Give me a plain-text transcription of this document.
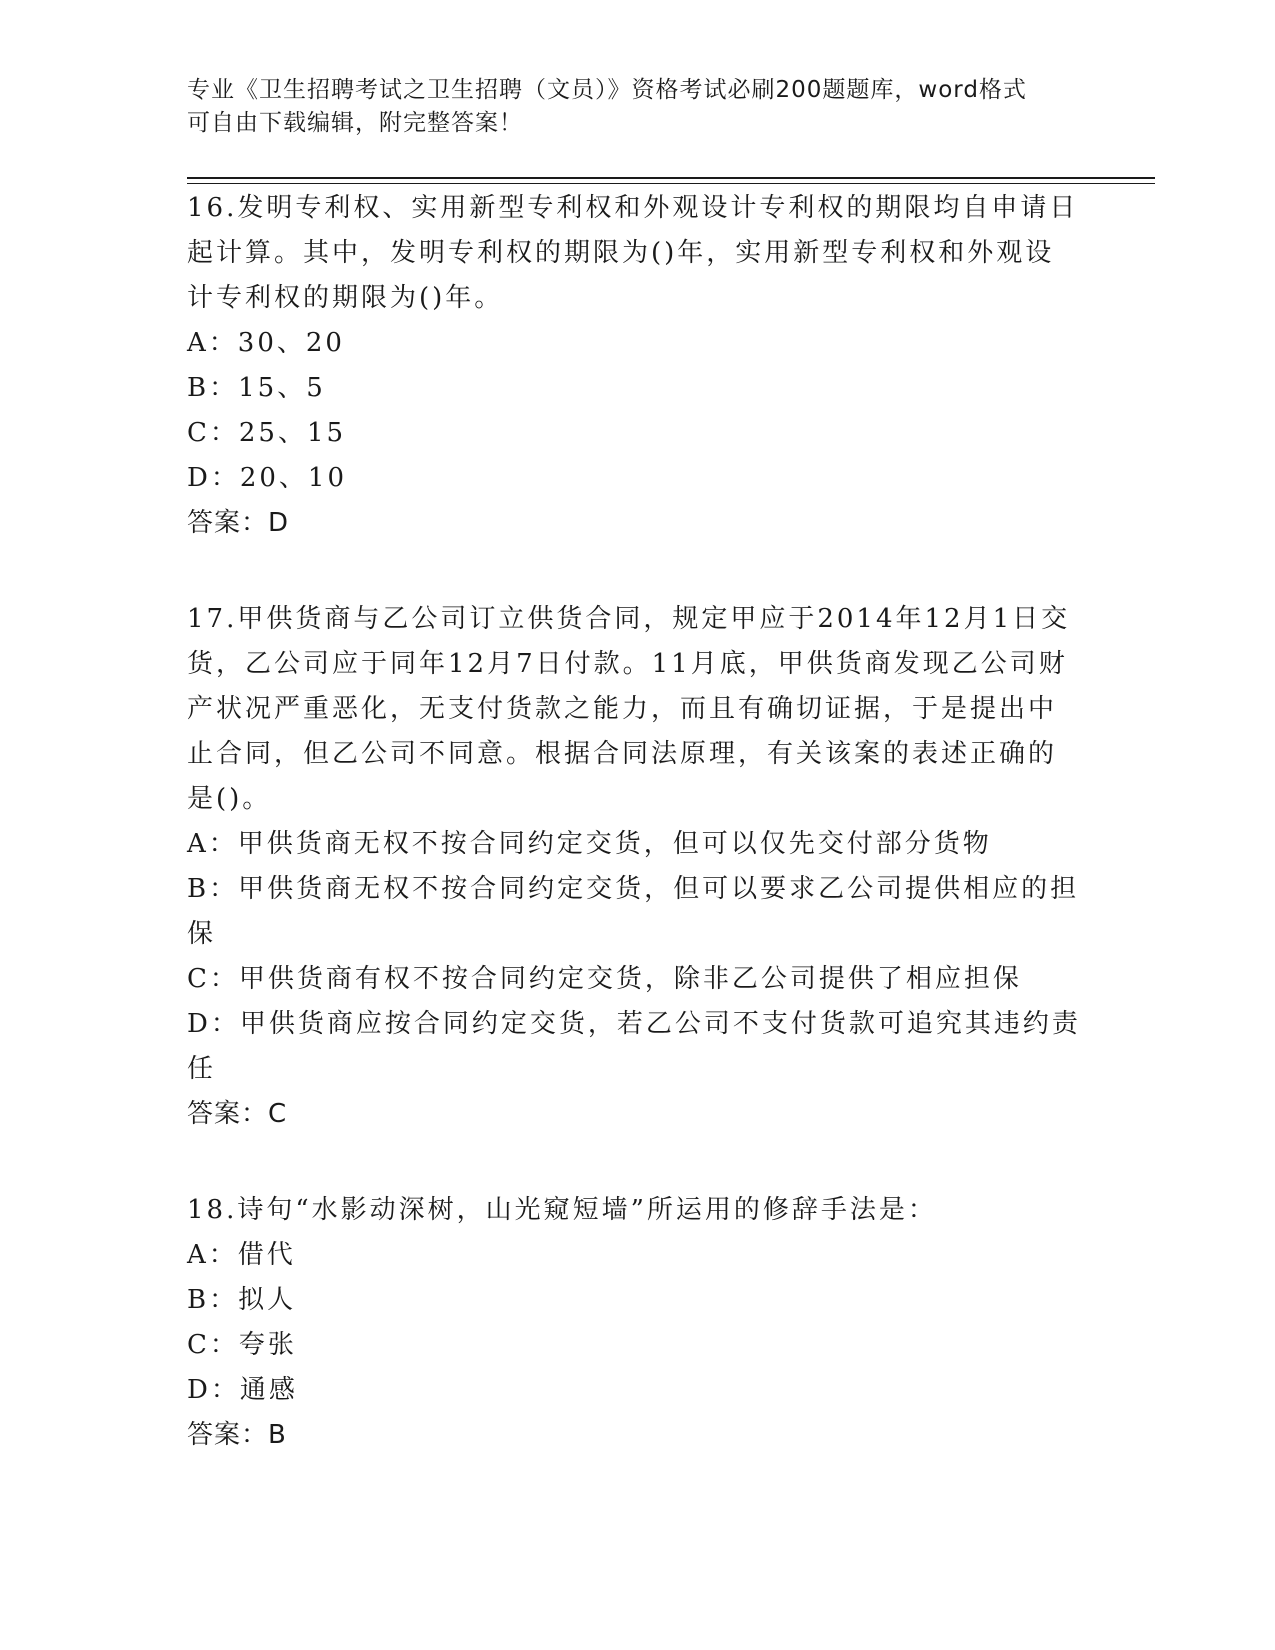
专业《卫生招聘考试之卫生招聘（文员）》资格考试必刷200题题库，word格式
可自由下载编辑，附完整答案！

16.发明专利权、实用新型专利权和外观设计专利权的期限均自申请日

起计算。其中，发明专利权的期限为()年，实用新型专利权和外观设

计专利权的期限为()年。

A：30、20

B：15、5

C：25、15

D：20、10

答案：D

17.甲供货商与乙公司订立供货合同，规定甲应于2014年12月1日交

货，乙公司应于同年12月7日付款。11月底，甲供货商发现乙公司财

产状况严重恶化，无支付货款之能力，而且有确切证据，于是提出中

止合同，但乙公司不同意。根据合同法原理，有关该案的表述正确的

是()。

A：甲供货商无权不按合同约定交货，但可以仅先交付部分货物

B：甲供货商无权不按合同约定交货，但可以要求乙公司提供相应的担

保

C：甲供货商有权不按合同约定交货，除非乙公司提供了相应担保

D：甲供货商应按合同约定交货，若乙公司不支付货款可追究其违约责

任

答案：C

18.诗句“水影动深树，山光窥短墙”所运用的修辞手法是：

A：借代

B：拟人

C：夸张

D：通感

答案：B
